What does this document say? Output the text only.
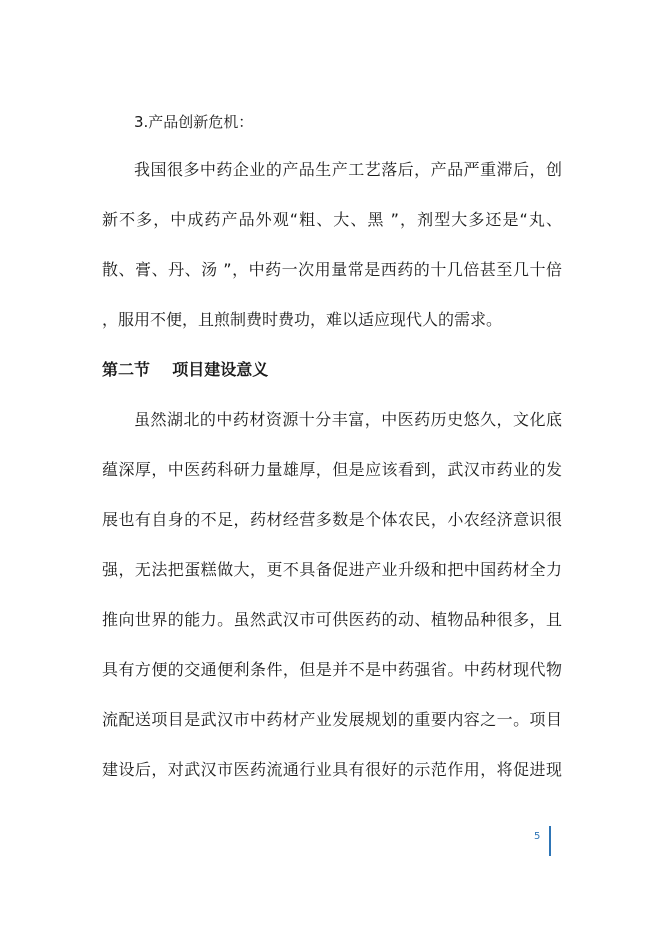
3.产品创新危机：
我国很多中药企业的产品生产工艺落后，产品严重滞后，创
新不多，中成药产品外观“粗、大、黑 ”，剂型大多还是“丸、
散、膏、丹、汤 ”，中药一次用量常是西药的十几倍甚至几十倍
，服用不便，且煎制费时费功，难以适应现代人的需求。
第二节    项目建设意义
虽然湖北的中药材资源十分丰富，中医药历史悠久，文化底
蕴深厚，中医药科研力量雄厚，但是应该看到，武汉市药业的发
展也有自身的不足，药材经营多数是个体农民，小农经济意识很
强，无法把蛋糕做大，更不具备促进产业升级和把中国药材全力
推向世界的能力。虽然武汉市可供医药的动、植物品种很多，且
具有方便的交通便利条件，但是并不是中药强省。中药材现代物
流配送项目是武汉市中药材产业发展规划的重要内容之一。项目
建设后，对武汉市医药流通行业具有很好的示范作用，将促进现
5
